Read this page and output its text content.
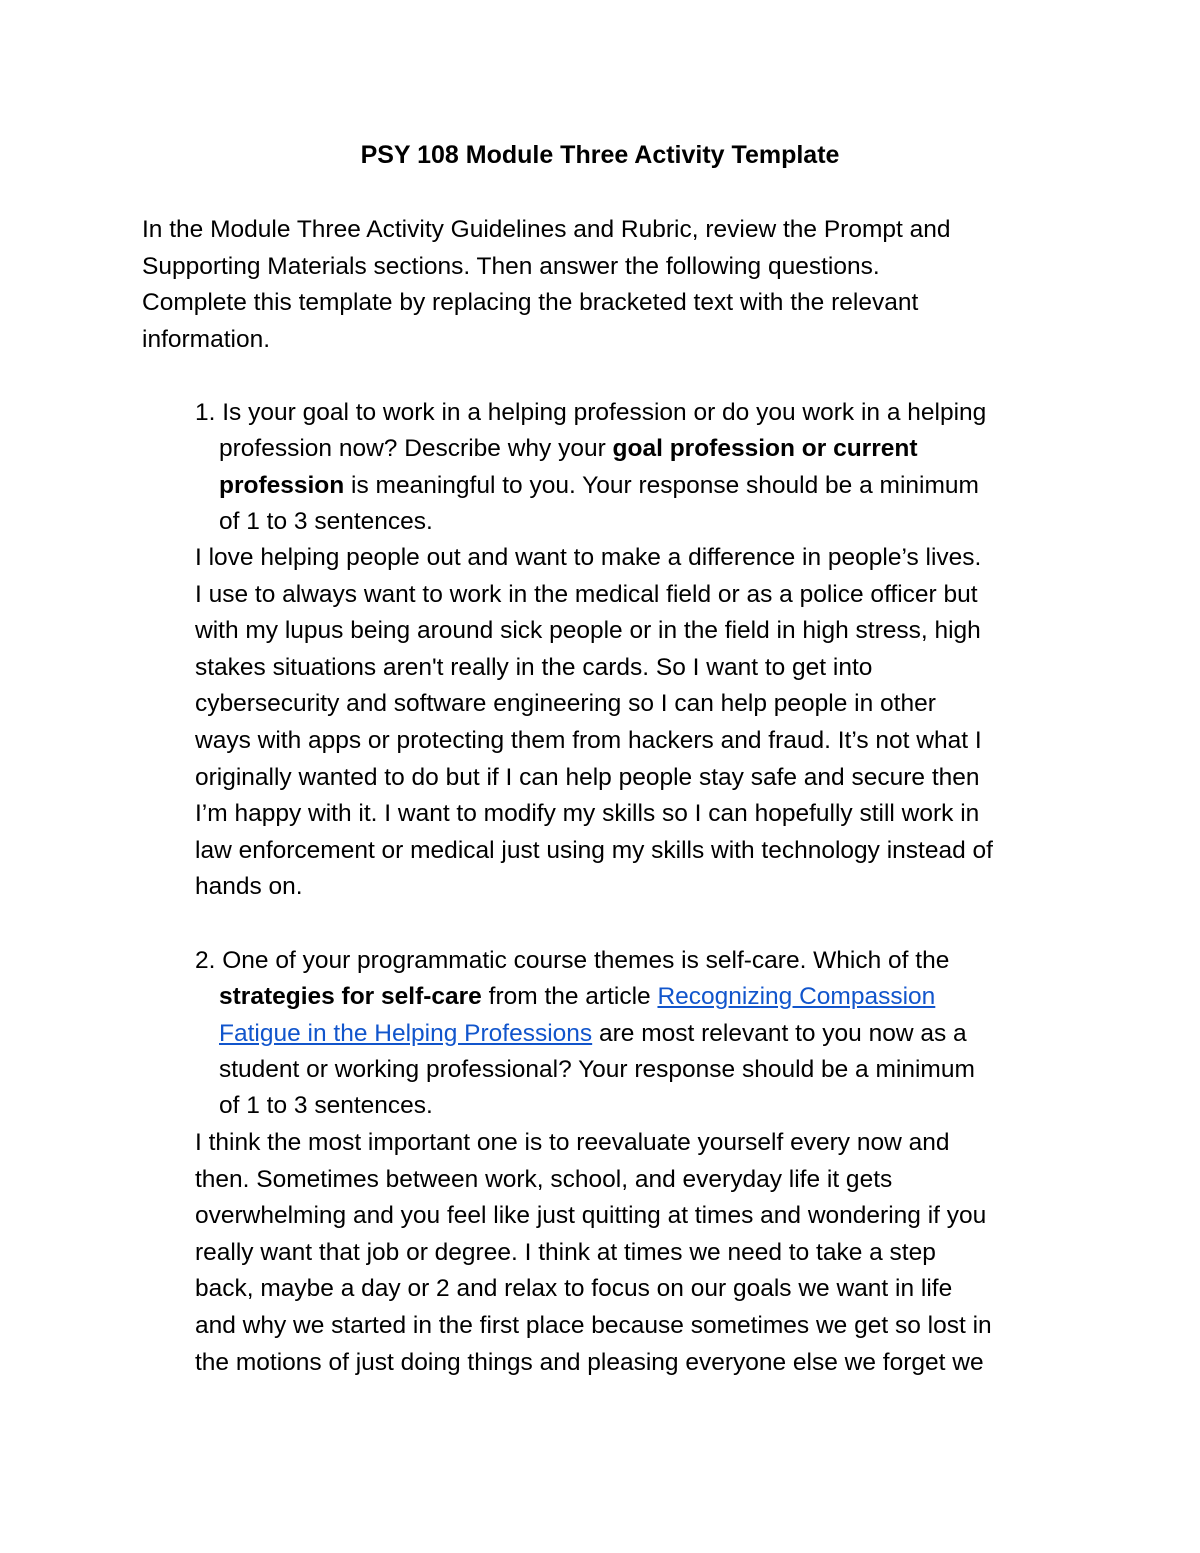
PSY 108 Module Three Activity Template
In the Module Three Activity Guidelines and Rubric, review the Prompt and
Supporting Materials sections. Then answer the following questions.
Complete this template by replacing the bracketed text with the relevant
information.
1. Is your goal to work in a helping profession or do you work in a helping
profession now? Describe why your goal profession or current
profession is meaningful to you. Your response should be a minimum
of 1 to 3 sentences.
I love helping people out and want to make a difference in people’s lives.
I use to always want to work in the medical field or as a police officer but
with my lupus being around sick people or in the field in high stress, high
stakes situations aren't really in the cards. So I want to get into
cybersecurity and software engineering so I can help people in other
ways with apps or protecting them from hackers and fraud. It’s not what I
originally wanted to do but if I can help people stay safe and secure then
I’m happy with it. I want to modify my skills so I can hopefully still work in
law enforcement or medical just using my skills with technology instead of
hands on.
2. One of your programmatic course themes is self-care. Which of the
strategies for self-care from the article Recognizing Compassion
Fatigue in the Helping Professions are most relevant to you now as a
student or working professional? Your response should be a minimum
of 1 to 3 sentences.
I think the most important one is to reevaluate yourself every now and
then. Sometimes between work, school, and everyday life it gets
overwhelming and you feel like just quitting at times and wondering if you
really want that job or degree. I think at times we need to take a step
back, maybe a day or 2 and relax to focus on our goals we want in life
and why we started in the first place because sometimes we get so lost in
the motions of just doing things and pleasing everyone else we forget we
